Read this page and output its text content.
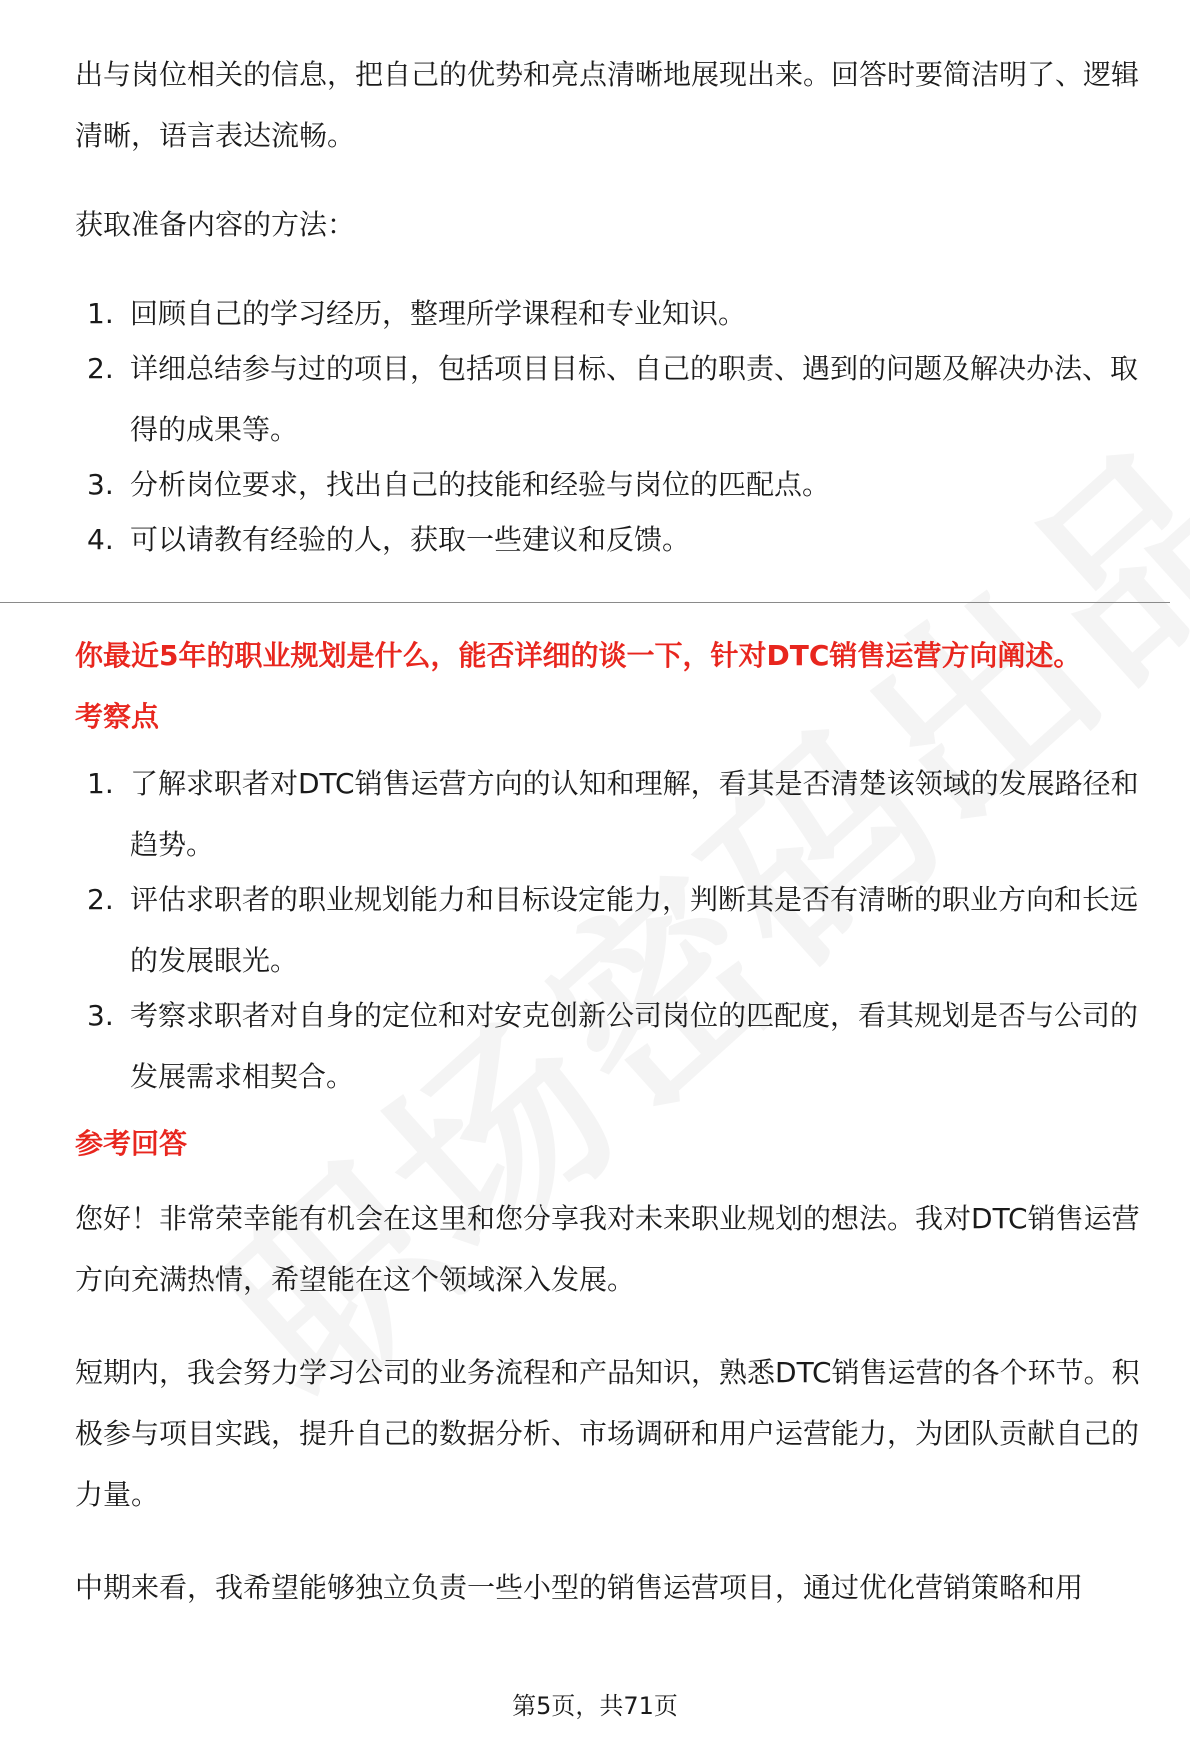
出与岗位相关的信息，把自己的优势和亮点清晰地展现出来。回答时要简洁明了、逻辑清晰，语言表达流畅。

获取准备内容的方法：

1. 回顾自己的学习经历，整理所学课程和专业知识。
2. 详细总结参与过的项目，包括项目目标、自己的职责、遇到的问题及解决办法、取得的成果等。
3. 分析岗位要求，找出自己的技能和经验与岗位的匹配点。
4. 可以请教有经验的人，获取一些建议和反馈。

你最近5年的职业规划是什么，能否详细的谈一下，针对DTC销售运营方向阐述。

考察点

1. 了解求职者对DTC销售运营方向的认知和理解，看其是否清楚该领域的发展路径和趋势。
2. 评估求职者的职业规划能力和目标设定能力，判断其是否有清晰的职业方向和长远的发展眼光。
3. 考察求职者对自身的定位和对安克创新公司岗位的匹配度，看其规划是否与公司的发展需求相契合。

参考回答

您好！非常荣幸能有机会在这里和您分享我对未来职业规划的想法。我对DTC销售运营方向充满热情，希望能在这个领域深入发展。

短期内，我会努力学习公司的业务流程和产品知识，熟悉DTC销售运营的各个环节。积极参与项目实践，提升自己的数据分析、市场调研和用户运营能力，为团队贡献自己的力量。

中期来看，我希望能够独立负责一些小型的销售运营项目，通过优化营销策略和用

第5页，共71页
